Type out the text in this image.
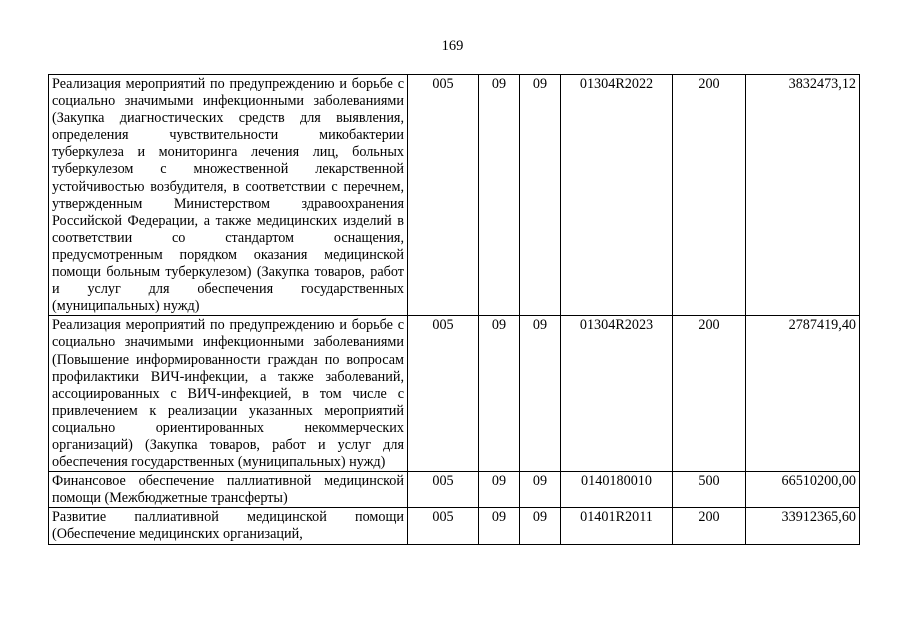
169
Реализация мероприятий по предупреждению и борьбе с социально значимыми инфекционными заболеваниями (Закупка диагностических средств для выявления, определения чувствительности микобактерии туберкулеза и мониторинга лечения лиц, больных туберкулезом с множественной лекарственной устойчивостью возбудителя, в соответствии с перечнем, утвержденным Министерством здравоохранения Российской Федерации, а также медицинских изделий в соответствии со стандартом оснащения, предусмотренным порядком оказания медицинской помощи больным туберкулезом) (Закупка товаров, работ и услуг для обеспечения государственных (муниципальных) нужд)	005	09	09	01304R2022	200	3832473,12
Реализация мероприятий по предупреждению и борьбе с социально значимыми инфекционными заболеваниями (Повышение информированности граждан по вопросам профилактики ВИЧ-инфекции, а также заболеваний, ассоциированных с ВИЧ-инфекцией, в том числе с привлечением к реализации указанных мероприятий социально ориентированных некоммерческих организаций) (Закупка товаров, работ и услуг для обеспечения государственных (муниципальных) нужд)	005	09	09	01304R2023	200	2787419,40
Финансовое обеспечение паллиативной медицинской помощи (Межбюджетные трансферты)	005	09	09	0140180010	500	66510200,00
Развитие паллиативной медицинской помощи (Обеспечение медицинских организаций,	005	09	09	01401R2011	200	33912365,60
